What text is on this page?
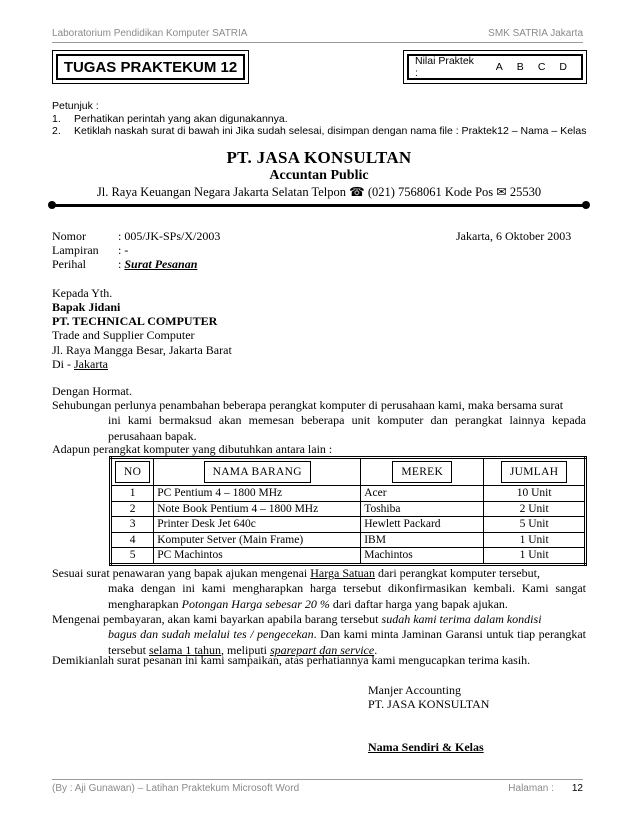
Laboratorium Pendidikan Komputer SATRIA	SMK SATRIA Jakarta
TUGAS PRAKTEKUM 12	Nilai Praktek :	A B C D
Petunjuk :
1.	Perhatikan perintah yang akan digunakannya.
2.	Ketiklah naskah surat di bawah ini Jika sudah selesai, disimpan dengan nama file : Praktek12 – Nama – Kelas
PT. JASA KONSULTAN
Accuntan Public
Jl. Raya Keuangan Negara Jakarta Selatan Telpon ☎ (021) 7568061 Kode Pos ✉ 25530
Nomor	: 005/JK-SPs/X/2003	Jakarta, 6 Oktober 2003
Lampiran : -
Perihal	: Surat Pesanan
Kepada Yth.
Bapak Jidani
PT. TECHNICAL COMPUTER
Trade and Supplier Computer
Jl. Raya Mangga Besar, Jakarta Barat
Di - Jakarta
Dengan Hormat.
Sehubungan perlunya penambahan beberapa perangkat komputer di perusahaan kami, maka bersama surat
ini kami bermaksud akan memesan beberapa unit komputer dan perangkat lainnya kepada perusahaan bapak.
Adapun perangkat komputer yang dibutuhkan antara lain :
NO	NAMA BARANG	MEREK	JUMLAH
1	PC Pentium 4 – 1800 MHz	Acer	10 Unit
2	Note Book Pentium 4 – 1800 MHz	Toshiba	2 Unit
3	Printer Desk Jet 640c	Hewlett Packard	5 Unit
4	Komputer Setver (Main Frame)	IBM	1 Unit
5	PC Machintos	Machintos	1 Unit
Sesuai surat penawaran yang bapak ajukan mengenai Harga Satuan dari perangkat komputer tersebut,
maka dengan ini kami mengharapkan harga tersebut dikonfirmasikan kembali. Kami sangat mengharapkan Potongan Harga sebesar 20 % dari daftar harga yang bapak ajukan.
Mengenai pembayaran, akan kami bayarkan apabila barang tersebut sudah kami terima dalam kondisi
bagus dan sudah melalui tes / pengecekan. Dan kami minta Jaminan Garansi untuk tiap perangkat tersebut selama 1 tahun, meliputi sparepart dan service.
Demikianlah surat pesanan ini kami sampaikan, atas perhatiannya kami mengucapkan terima kasih.
Manjer Accounting
PT. JASA KONSULTAN
Nama Sendiri & Kelas
(By : Aji Gunawan) – Latihan Praktekum Microsoft Word	Halaman : 12
